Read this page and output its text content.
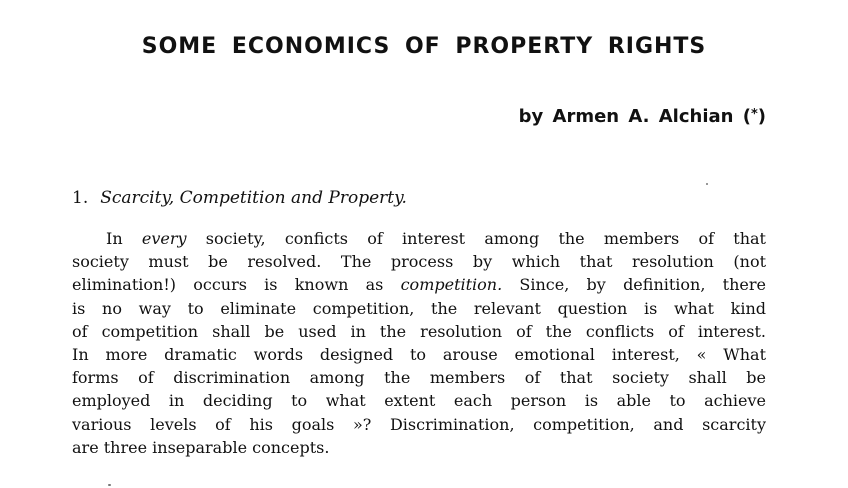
SOME ECONOMICS OF PROPERTY RIGHTS
by Armen A. Alchian (*)
1. Scarcity, Competition and Property.
In every society, conficts of interest among the members of that
society must be resolved. The process by which that resolution (not
elimination!) occurs is known as competition. Since, by definition, there
is no way to eliminate competition, the relevant question is what kind
of competition shall be used in the resolution of the conflicts of interest.
In more dramatic words designed to arouse emotional interest, « What
forms of discrimination among the members of that society shall be
employed in deciding to what extent each person is able to achieve
various levels of his goals »? Discrimination, competition, and scarcity
are three inseparable concepts.
